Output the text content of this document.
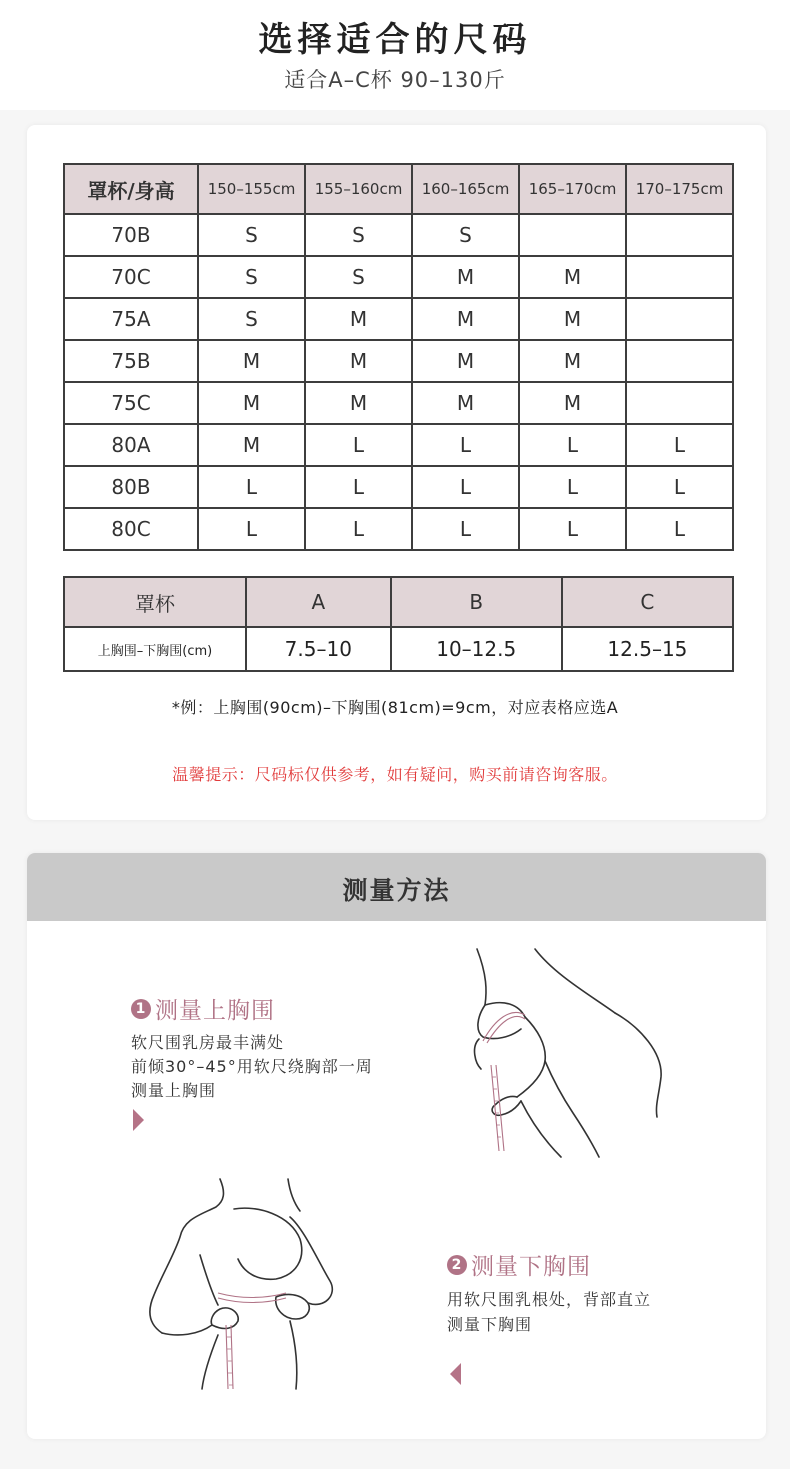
选择适合的尺码
适合A–C杯 90–130斤
罩杯/身高	150–155cm	155–160cm	160–165cm	165–170cm	170–175cm
70B	S	S	S		
70C	S	S	M	M	
75A	S	M	M	M	
75B	M	M	M	M	
75C	M	M	M	M	
80A	M	L	L	L	L
80B	L	L	L	L	L
80C	L	L	L	L	L
罩杯	A	B	C
上胸围–下胸围(cm)	7.5–10	10–12.5	12.5–15
*例：上胸围(90cm)–下胸围(81cm)=9cm，对应表格应选A
温馨提示：尺码标仅供参考，如有疑问，购买前请咨询客服。
测量方法
1 测量上胸围
软尺围乳房最丰满处
前倾30°–45°用软尺绕胸部一周
测量上胸围
2 测量下胸围
用软尺围乳根处，背部直立
测量下胸围
